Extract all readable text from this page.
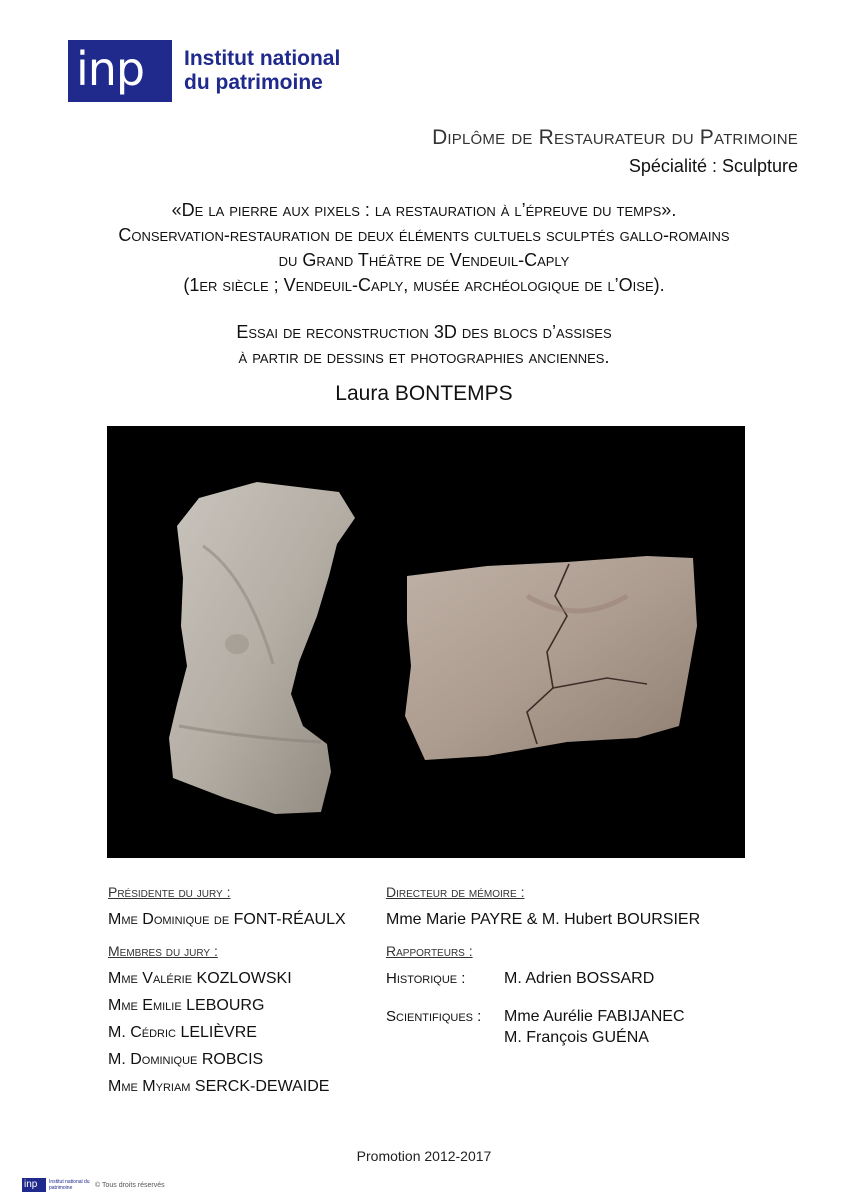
inp	Institut national
du patrimoine
Diplôme de Restaurateur du Patrimoine
Spécialité : Sculpture
«De la pierre aux pixels : la restauration à l’épreuve du temps».
Conservation-restauration de deux éléments cultuels sculptés gallo-romains
du Grand Théâtre de Vendeuil-Caply
(1er siècle ; Vendeuil-Caply, musée archéologique de l’Oise).
Essai de reconstruction 3D des blocs d’assises
à partir de dessins et photographies anciennes.
Laura BONTEMPS
Présidente du jury :
Mme Dominique de FONT-RÉAULX
Membres du jury :
Mme Valérie KOZLOWSKI
Mme Emilie LEBOURG
M. Cédric LELIÈVRE
M. Dominique ROBCIS
Mme Myriam SERCK-DEWAIDE
Directeur de mémoire :
Mme Marie PAYRE & M. Hubert BOURSIER
Rapporteurs :
Historique : M. Adrien BOSSARD
Scientifiques : Mme Aurélie FABIJANEC
M. François GUÉNA
Promotion 2012-2017
inp	Institut national du patrimoine	© Tous droits réservés
